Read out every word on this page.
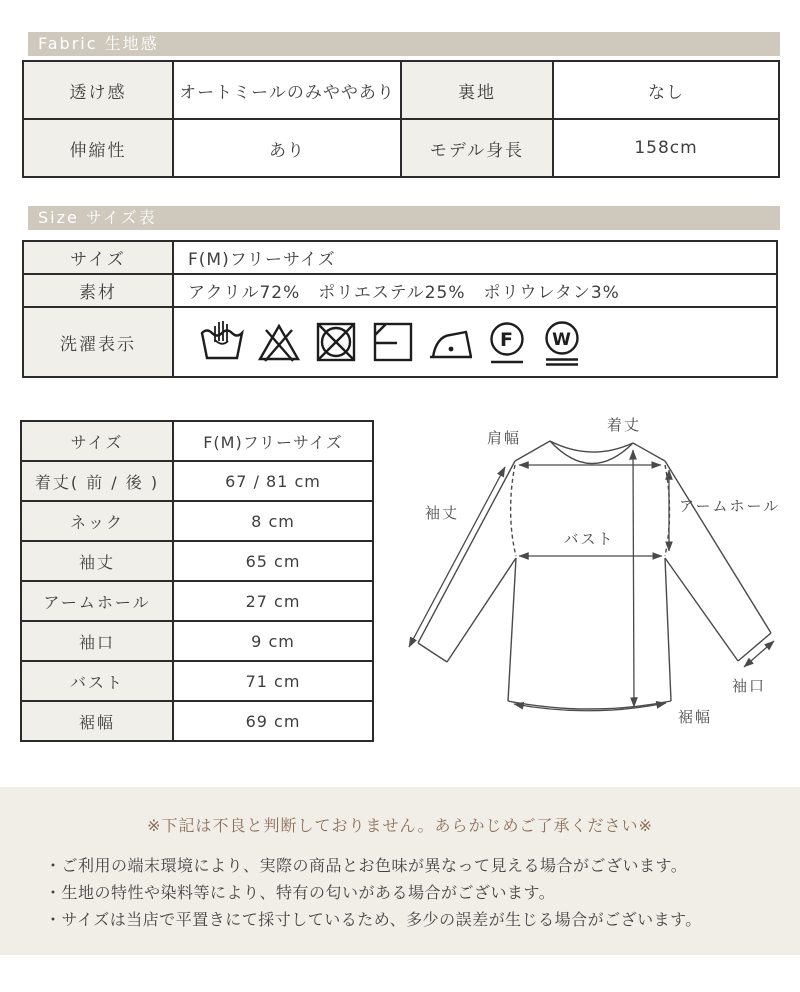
Fabric 生地感
透け感	オートミールのみややあり	裏地	なし
伸縮性	あり	モデル身長	158cm
Size サイズ表
サイズ	F(M)フリーサイズ
素材	アクリル72%　ポリエステル25%　ポリウレタン3%
洗濯表示	F W
サイズ	F(M)フリーサイズ
着丈( 前 / 後 )	67 / 81 cm
ネック	8 cm
袖丈	65 cm
アームホール	27 cm
袖口	9 cm
バスト	71 cm
裾幅	69 cm
着丈
肩幅
袖丈
バスト
アームホール
袖口
裾幅
※下記は不良と判断しておりません。あらかじめご了承ください※
・ご利用の端末環境により、実際の商品とお色味が異なって見える場合がございます。
・生地の特性や染料等により、特有の匂いがある場合がございます。
・サイズは当店で平置きにて採寸しているため、多少の誤差が生じる場合がございます。
